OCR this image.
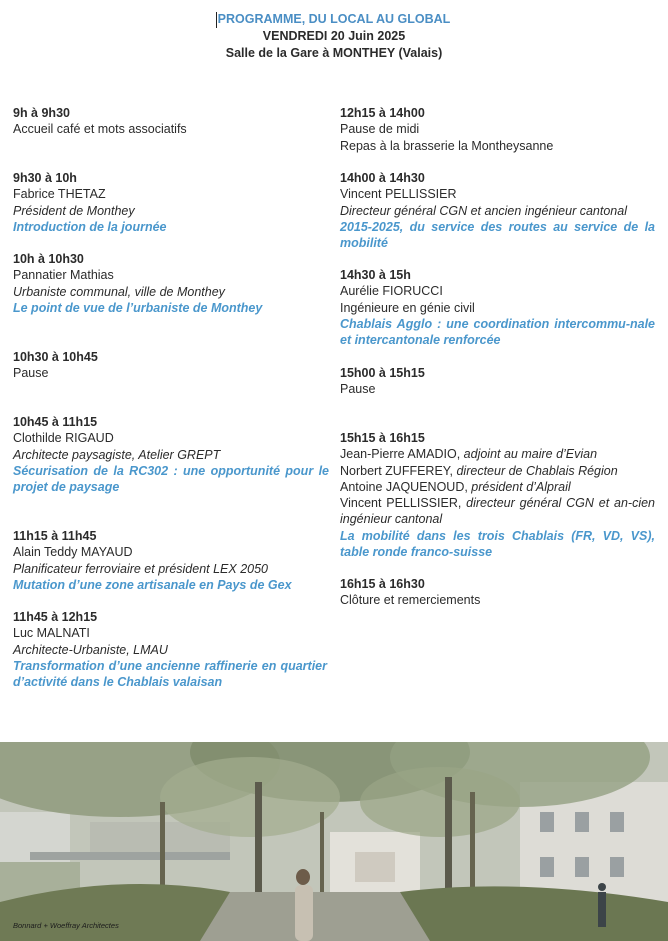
PROGRAMME, DU LOCAL AU GLOBAL
VENDREDI 20 Juin 2025
Salle de la Gare à MONTHEY (Valais)
9h à 9h30
Accueil café et mots associatifs
9h30 à 10h
Fabrice THETAZ
Président de Monthey
Introduction de la journée
10h à 10h30
Pannatier Mathias
Urbaniste communal, ville de Monthey
Le point de vue de l’urbaniste de Monthey
10h30 à 10h45
Pause
10h45 à 11h15
Clothilde RIGAUD
Architecte paysagiste, Atelier GREPT
Sécurisation de la RC302 : une opportunité pour le projet de paysage
11h15 à 11h45
Alain Teddy MAYAUD
Planificateur ferroviaire et président LEX 2050
Mutation d’une zone artisanale en Pays de Gex
11h45 à 12h15
Luc MALNATI
Architecte-Urbaniste, LMAU
Transformation d’une ancienne raffinerie en quartier d’activité dans le Chablais valaisan
12h15 à 14h00
Pause de midi
Repas à la brasserie la Montheysanne
14h00 à 14h30
Vincent PELLISSIER
Directeur général CGN et ancien ingénieur cantonal
2015-2025, du service des routes au service de la mobilité
14h30 à 15h
Aurélie FIORUCCI
Ingénieure en génie civil
Chablais Agglo : une coordination intercommu-nale et intercantonale renforcée
15h00 à 15h15
Pause
15h15 à 16h15
Jean-Pierre AMADIO, adjoint au maire d’Evian
Norbert ZUFFEREY, directeur de Chablais Région
Antoine JAQUENOUD, président d’Alprail
Vincent PELLISSIER, directeur général CGN et an-cien ingénieur cantonal
La mobilité dans les trois Chablais (FR, VD, VS), table ronde franco-suisse
16h15 à 16h30
Clôture et remerciements
Bonnard + Woeffray Architectes
